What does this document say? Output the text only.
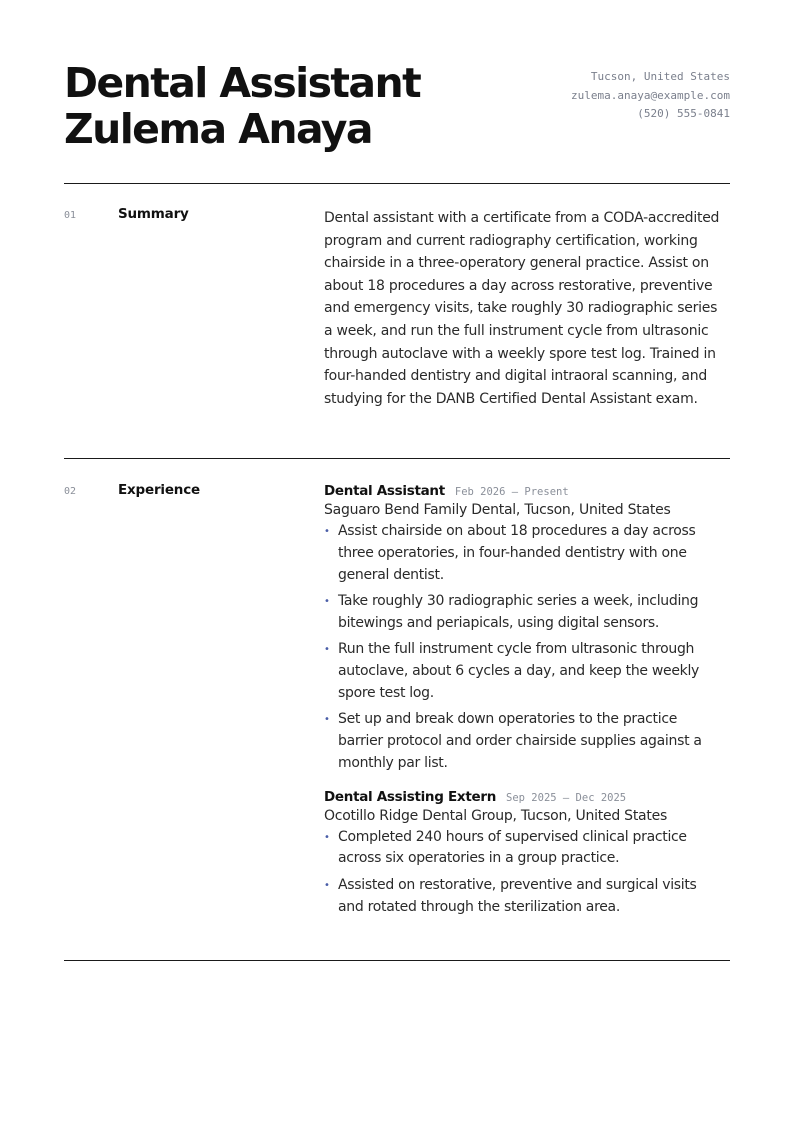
Dental Assistant
Zulema Anaya
Tucson, United States
zulema.anaya@example.com
(520) 555-0841
01	Summary	Dental assistant with a certificate from a CODA-accredited program and current radiography certification, working chairside in a three-operatory general practice. Assist on about 18 procedures a day across restorative, preventive and emergency visits, take roughly 30 radiographic series a week, and run the full instrument cycle from ultrasonic through autoclave with a weekly spore test log. Trained in four-handed dentistry and digital intraoral scanning, and studying for the DANB Certified Dental Assistant exam.
02	Experience	Dental Assistant Feb 2026 — Present
Saguaro Bend Family Dental, Tucson, United States
• Assist chairside on about 18 procedures a day across three operatories, in four-handed dentistry with one general dentist.
• Take roughly 30 radiographic series a week, including bitewings and periapicals, using digital sensors.
• Run the full instrument cycle from ultrasonic through autoclave, about 6 cycles a day, and keep the weekly spore test log.
• Set up and break down operatories to the practice barrier protocol and order chairside supplies against a monthly par list.
Dental Assisting Extern Sep 2025 — Dec 2025
Ocotillo Ridge Dental Group, Tucson, United States
• Completed 240 hours of supervised clinical practice across six operatories in a group practice.
• Assisted on restorative, preventive and surgical visits and rotated through the sterilization area.
